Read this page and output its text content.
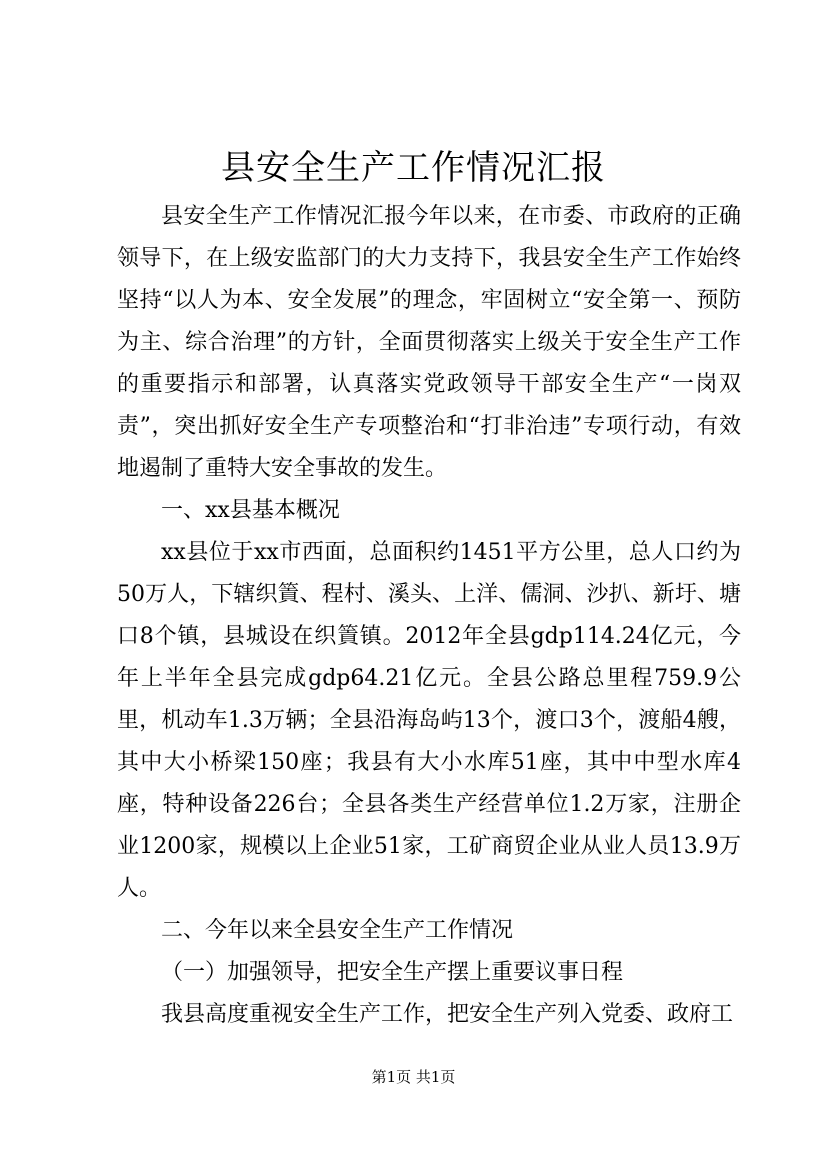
县安全生产工作情况汇报

县安全生产工作情况汇报今年以来，在市委、市政府的正确领导下，在上级安监部门的大力支持下，我县安全生产工作始终坚持“以人为本、安全发展”的理念，牢固树立“安全第一、预防为主、综合治理”的方针，全面贯彻落实上级关于安全生产工作的重要指示和部署，认真落实党政领导干部安全生产“一岗双责”，突出抓好安全生产专项整治和“打非治违”专项行动，有效地遏制了重特大安全事故的发生。

一、xx县基本概况

xx县位于xx市西面，总面积约1451平方公里，总人口约为50万人，下辖织篢、程村、溪头、上洋、儒洞、沙扒、新圩、塘口8个镇，县城设在织篢镇。2012年全县gdp114.24亿元，今年上半年全县完成gdp64.21亿元。全县公路总里程759.9公里，机动车1.3万辆；全县沿海岛屿13个，渡口3个，渡船4艘，其中大小桥梁150座；我县有大小水库51座，其中中型水库4座，特种设备226台；全县各类生产经营单位1.2万家，注册企业1200家，规模以上企业51家，工矿商贸企业从业人员13.9万人。

二、今年以来全县安全生产工作情况

（一）加强领导，把安全生产摆上重要议事日程

我县高度重视安全生产工作，把安全生产列入党委、政府工

第1页 共1页
